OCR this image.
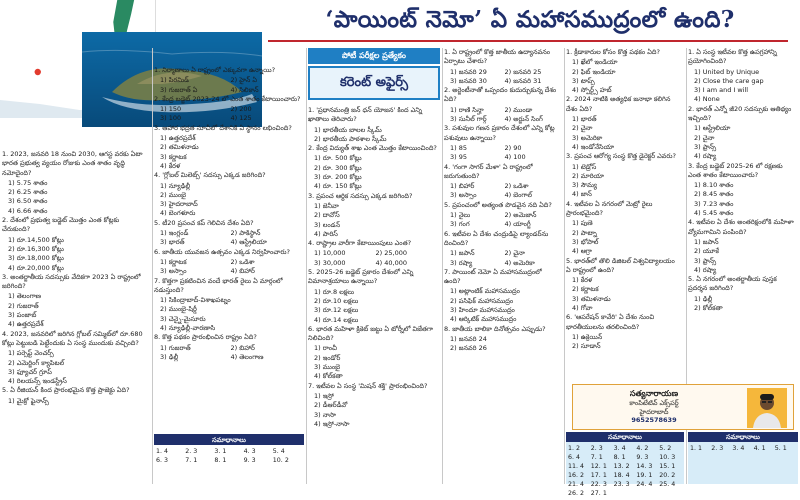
‘పాయింట్ నెమో’ ఏ మహాసముద్రంలో ఉంది?
పోటీ పరీక్షల ప్రత్యేకం
కరెంట్ అఫైర్స్
1. 2023, జనవరి 18 నుంచి 2030, ఆగస్ట వరకు ఏటా భారత ప్రభుత్వ వ్యయం రోజుకు ఎంత శాతం వృద్ధి నమోదైంది?
1) 5.75 శాతం
2) 6.25 శాతం
3) 6.50 శాతం
4) 6.66 శాతం
2. దేశంలో ప్రభుత్వ బడ్జెట్ మొత్తం ఎంత కోట్లకు చేరుకుంది?
1) రూ.14,500 కోట్లు
2) రూ.16,300 కోట్లు
3) రూ.18,000 కోట్లు
4) రూ.20,000 కోట్లు
3. అంతర్జాతీయ సదస్సుకు వేదికగా 2023 ఏ రాష్ట్రంలో జరిగింది?
1) తెలంగాణ
2) గుజరాత్
3) పంజాబ్
4) ఉత్తరప్రదేశ్
4. 2023, జనవరిలో జరిగిన గ్లోబల్ సమ్మిట్‌లో రూ.680 కోట్లు పెట్టుబడి పెట్టేందుకు ఏ సంస్థ ముందుకు వచ్చింది?
1) పర్సెప్ట్ వెంచర్స్
2) ఎమెర్జింగ్ క్యాపిటల్
3) ఫ్యూచర్ గ్రూప్
4) రిలయన్స్ ఇండస్ట్రీస్
5. ఏ రీజియన్ కింద ప్రారంభమైన కొత్త ప్రాజెక్టు ఏది?
1) మైక్రో ఫైనాన్స్
1. నిర్మాణాలు ఏ రాష్ట్రంలో ఎక్కువగా ఉన్నాయి?
1) పిరమిడ్	2) హైన్ ఏ
3) గుజరాత్ ఏ	4) సిలికాన్
2. కేంద్ర బడ్జెట్ 2023-24 లో ఎంత శాతం కేటాయించారు?
1) 150	2) 200
3) 100	4) 125
3. ఆహార భద్రత సూచీలో దేశానికి ఏ స్థానం లభించింది?
1) ఉత్తరప్రదేశ్
2) తమిళనాడు
3) కర్ణాటక
4) కేరళ
4. 'గ్లోబల్ మిలెట్స్' సదస్సు ఎక్కడ జరిగింది?
1) న్యూఢిల్లీ
2) ముంబై
3) హైదరాబాద్
4) బెంగళూరు
5. టీ20 ప్రపంచ కప్ గెలిచిన దేశం ఏది?
1) ఇంగ్లండ్	2) పాకిస్థాన్
3) భారత్	4) ఆస్ట్రేలియా
6. జాతీయ యువజన ఉత్సవం ఎక్కడ నిర్వహించారు?
1) కర్ణాటక	2) ఒడిశా
3) అస్సాం	4) బిహార్
7. కొత్తగా ప్రకటించిన వందే భారత్ రైలు ఏ మార్గంలో నడుస్తుంది?
1) సికింద్రాబాద్-విశాఖపట్నం
2) ముంబై-షిర్డీ
3) చెన్నై-మైసూరు
4) న్యూఢిల్లీ-వారణాసి
8. కొత్త పథకం ప్రారంభించిన రాష్ట్రం ఏది?
1) గుజరాత్	2) బిహార్
3) ఢిల్లీ	4) తెలంగాణ
1. 'ప్రధానమంత్రి జన్ ధన్ యోజన' కింద ఎన్ని ఖాతాలు తెరిచారు?
1) భారతీయ బాలల స్కీమ్
2) భారతీయ పాఠశాల స్కీమ్
2. కేంద్ర విద్యుత్ శాఖ ఎంత మొత్తం కేటాయించింది?
1) రూ. 500 కోట్లు
2) రూ. 300 కోట్లు
3) రూ. 200 కోట్లు
4) రూ. 150 కోట్లు
3. ప్రపంచ ఆర్థిక సదస్సు ఎక్కడ జరిగింది?
1) జెనీవా
2) దావోస్
3) లండన్
4) పారిస్
4. రాష్ట్రాల వారీగా కేటాయింపులు ఎంత?
1) 10,000	2) 25,000
3) 30,000	4) 40,000
5. 2025-26 బడ్జెట్ ప్రకారం దేశంలో ఎన్ని విమానాశ్రయాలు ఉన్నాయి?
1) రూ.8 లక్షలు
2) రూ.10 లక్షలు
3) రూ.12 లక్షలు
4) రూ.14 లక్షలు
6. భారత మహిళా క్రికెట్ జట్టు ఏ టోర్నీలో విజేతగా నిలిచింది?
1) రాంచీ
2) ఇండోర్
3) ముంబై
4) కోల్‌కతా
7. ఇటీవల ఏ సంస్థ 'మిషన్ శక్తి' ప్రారంభించింది?
1) ఇస్రో
2) డీఆర్‌డీవో
3) నాసా
4) ఇస్రో-నాసా
1. ఏ రాష్ట్రంలో కొత్త జాతీయ ఉద్యానవనం ఏర్పాటు చేశారు?
1) జనవరి 29	2) జనవరి 25
3) జనవరి 30	4) జనవరి 31
2. అర్జెంటీనాతో ఒప్పందం కుదుర్చుకున్న దేశం ఏది?
1) రాణి సిన్హా	2) ముండా
3) సునీల్ గార్గ్	4) అర్జున్ సింగ్
3. పశువుల గణన ప్రకారం దేశంలో ఎన్ని కోట్ల పశువులు ఉన్నాయి?
1) 85	2) 90
3) 95	4) 100
4. 'గంగా సాగర్ మేళా' ఏ రాష్ట్రంలో జరుగుతుంది?
1) బిహార్	2) ఒడిశా
3) అస్సాం	4) బెంగాల్
5. ప్రపంచంలో అత్యంత పొడవైన నది ఏది?
1) నైలు	2) అమెజాన్
3) గంగ	4) యాంగ్జీ
6. ఇటీవల ఏ దేశం చంద్రుడిపై ల్యాండర్‌ను దించింది?
1) జపాన్	2) చైనా
3) రష్యా	4) అమెరికా
7. పాయింట్ నెమో ఏ మహాసముద్రంలో ఉంది?
1) అట్లాంటిక్ మహాసముద్రం
2) పసిఫిక్ మహాసముద్రం
3) హిందూ మహాసముద్రం
4) ఆర్కిటిక్ మహాసముద్రం
8. జాతీయ బాలికా దినోత్సవం ఎప్పుడు?
1) జనవరి 24
2) జనవరి 26
1. క్రీడాకారుల కోసం కొత్త పథకం ఏది?
1) ఖేలో ఇండియా
2) ఫిట్ ఇండియా
3) టాప్స్
4) స్పోర్ట్స్ హబ్
2. 2024 నాటికి అత్యధిక జనాభా కలిగిన దేశం ఏది?
1) భారత్
2) చైనా
3) అమెరికా
4) ఇండోనేసియా
3. ప్రపంచ ఆరోగ్య సంస్థ కొత్త డైరెక్టర్ ఎవరు?
1) టెడ్రోస్
2) మారియా
3) సౌమ్య
4) జాన్
4. ఇటీవల ఏ నగరంలో మెట్రో రైలు ప్రారంభమైంది?
1) పుణె
2) పాట్నా
3) భోపాల్
4) ఆగ్రా
5. భారత్‌లో తొలి డిజిటల్ విశ్వవిద్యాలయం ఏ రాష్ట్రంలో ఉంది?
1) కేరళ
2) కర్ణాటక
3) తమిళనాడు
4) గోవా
6. 'ఆపరేషన్ కావేరి' ఏ దేశం నుంచి భారతీయులను తరలించింది?
1) ఉక్రెయిన్
2) సూడాన్
1. ఏ సంస్థ ఇటీవల కొత్త ఉపగ్రహాన్ని ప్రయోగించింది?
1) United by Unique
2) Close the care gap
3) I am and I will
4) None
2. భారత్ ఎన్నో జీ20 సదస్సుకు ఆతిథ్యం ఇచ్చింది?
1) ఆస్ట్రేలియా
2) చైనా
3) ఫ్రాన్స్
4) రష్యా
3. కేంద్ర బడ్జెట్ 2025-26 లో రక్షణకు ఎంత శాతం కేటాయించారు?
1) 8.10 శాతం
2) 8.45 శాతం
3) 7.23 శాతం
4) 5.45 శాతం
4. ఇటీవల ఏ దేశం అంతరిక్షంలోకి మహిళా వ్యోమగామిని పంపింది?
1) జపాన్
2) యూకే
3) ఫ్రాన్స్
4) రష్యా
5. ఏ నగరంలో అంతర్జాతీయ పుస్తక ప్రదర్శన జరిగింది?
1) ఢిల్లీ
2) కోల్‌కతా
సమాధానాలు
1. 4	2. 3	3. 1	4. 3	5. 4
6. 3	7. 1	8. 1	9. 3	10. 2
సత్యనారాయణ
కాంపిటేటివ్ ఎక్స్‌పర్ట్
హైదరాబాద్
9652578639
సమాధానాలు
1. 2	2. 3	3. 4	4. 2	5. 2
6. 4	7. 1	8. 1	9. 3	10. 3
11. 4	12. 1	13. 2	14. 3	15. 1
16. 2	17. 1	18. 4	19. 1	20. 2
21. 4	22. 3	23. 3	24. 4	25. 4
26. 2	27. 1
సమాధానాలు
1. 1	2. 3	3. 4	4. 1	5. 1
